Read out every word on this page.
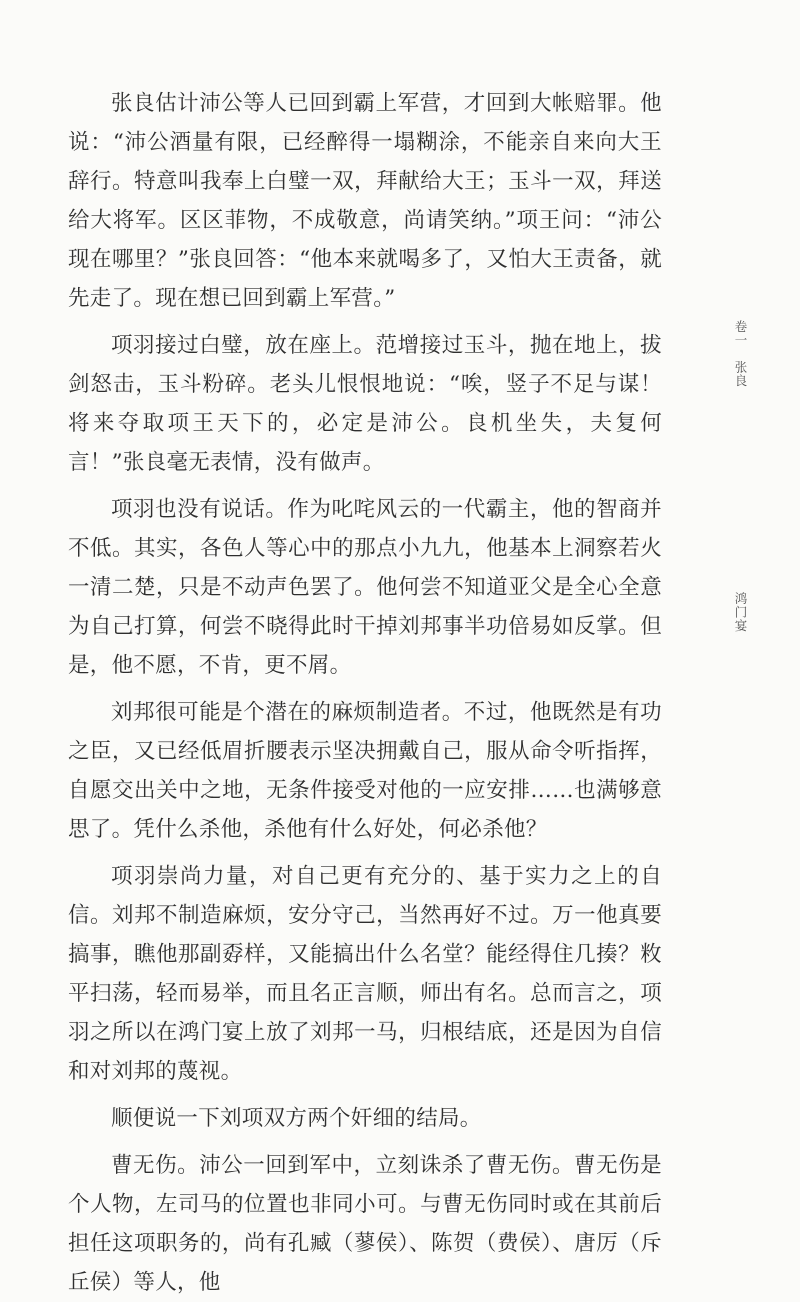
张良估计沛公等人已回到霸上军营，才回到大帐赔罪。他说：“沛公酒量有限，已经醉得一塌糊涂，不能亲自来向大王辞行。特意叫我奉上白璧一双，拜献给大王；玉斗一双，拜送给大将军。区区菲物，不成敬意，尚请笑纳。”项王问：“沛公现在哪里？”张良回答：“他本来就喝多了，又怕大王责备，就先走了。现在想已回到霸上军营。”

项羽接过白璧，放在座上。范增接过玉斗，抛在地上，拔剑怒击，玉斗粉碎。老头儿恨恨地说：“唉，竖子不足与谋！将来夺取项王天下的，必定是沛公。良机坐失，夫复何言！”张良毫无表情，没有做声。

项羽也没有说话。作为叱咤风云的一代霸主，他的智商并不低。其实，各色人等心中的那点小九九，他基本上洞察若火一清二楚，只是不动声色罢了。他何尝不知道亚父是全心全意为自己打算，何尝不晓得此时干掉刘邦事半功倍易如反掌。但是，他不愿，不肯，更不屑。

刘邦很可能是个潜在的麻烦制造者。不过，他既然是有功之臣，又已经低眉折腰表示坚决拥戴自己，服从命令听指挥，自愿交出关中之地，无条件接受对他的一应安排……也满够意思了。凭什么杀他，杀他有什么好处，何必杀他？

项羽崇尚力量，对自己更有充分的、基于实力之上的自信。刘邦不制造麻烦，安分守己，当然再好不过。万一他真要搞事，瞧他那副孬样，又能搞出什么名堂？能经得住几揍？敉平扫荡，轻而易举，而且名正言顺，师出有名。总而言之，项羽之所以在鸿门宴上放了刘邦一马，归根结底，还是因为自信和对刘邦的蔑视。

顺便说一下刘项双方两个奸细的结局。

曹无伤。沛公一回到军中，立刻诛杀了曹无伤。曹无伤是个人物，左司马的位置也非同小可。与曹无伤同时或在其前后担任这项职务的，尚有孔臧（蓼侯）、陈贺（费侯）、唐厉（斥丘侯）等人，他

卷一　张良
鸿门宴
